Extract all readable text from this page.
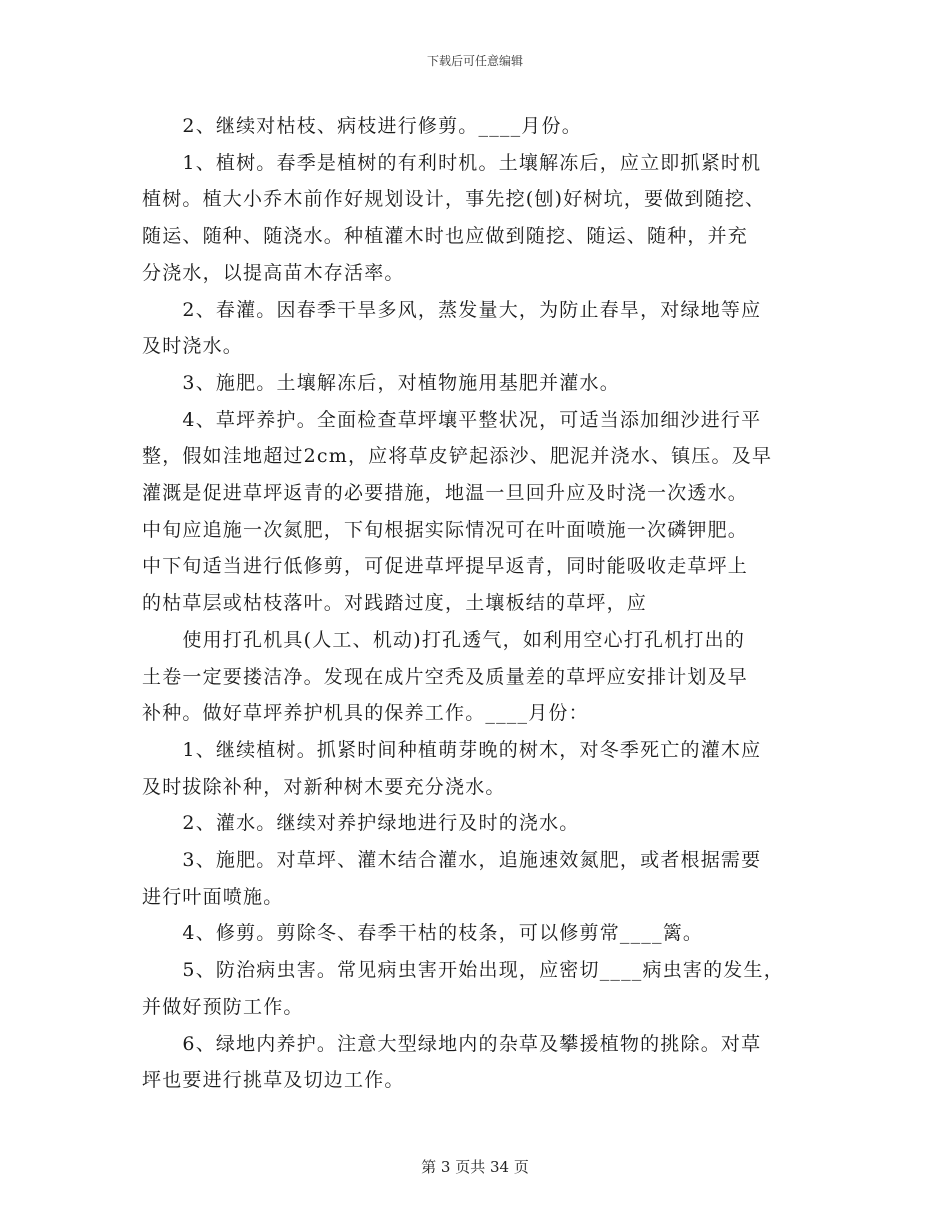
下载后可任意编辑

　　2、继续对枯枝、病枝进行修剪。____月份。

　　1、植树。春季是植树的有利时机。土壤解冻后，应立即抓紧时机

植树。植大小乔木前作好规划设计，事先挖(刨)好树坑，要做到随挖、

随运、随种、随浇水。种植灌木时也应做到随挖、随运、随种，并充

分浇水，以提高苗木存活率。

　　2、春灌。因春季干旱多风，蒸发量大，为防止春旱，对绿地等应

及时浇水。

　　3、施肥。土壤解冻后，对植物施用基肥并灌水。

　　4、草坪养护。全面检查草坪壤平整状况，可适当添加细沙进行平

整，假如洼地超过2cm，应将草皮铲起添沙、肥泥并浇水、镇压。及早

灌溉是促进草坪返青的必要措施，地温一旦回升应及时浇一次透水。

中旬应追施一次氮肥，下旬根据实际情况可在叶面喷施一次磷钾肥。

中下旬适当进行低修剪，可促进草坪提早返青，同时能吸收走草坪上

的枯草层或枯枝落叶。对践踏过度，土壤板结的草坪，应

　　使用打孔机具(人工、机动)打孔透气，如利用空心打孔机打出的

土卷一定要搂洁净。发现在成片空秃及质量差的草坪应安排计划及早

补种。做好草坪养护机具的保养工作。____月份：

　　1、继续植树。抓紧时间种植萌芽晚的树木，对冬季死亡的灌木应

及时拔除补种，对新种树木要充分浇水。

　　2、灌水。继续对养护绿地进行及时的浇水。

　　3、施肥。对草坪、灌木结合灌水，追施速效氮肥，或者根据需要

进行叶面喷施。

　　4、修剪。剪除冬、春季干枯的枝条，可以修剪常____篱。

　　5、防治病虫害。常见病虫害开始出现，应密切____病虫害的发生，

并做好预防工作。

　　6、绿地内养护。注意大型绿地内的杂草及攀援植物的挑除。对草

坪也要进行挑草及切边工作。

第 3 页共 34 页
